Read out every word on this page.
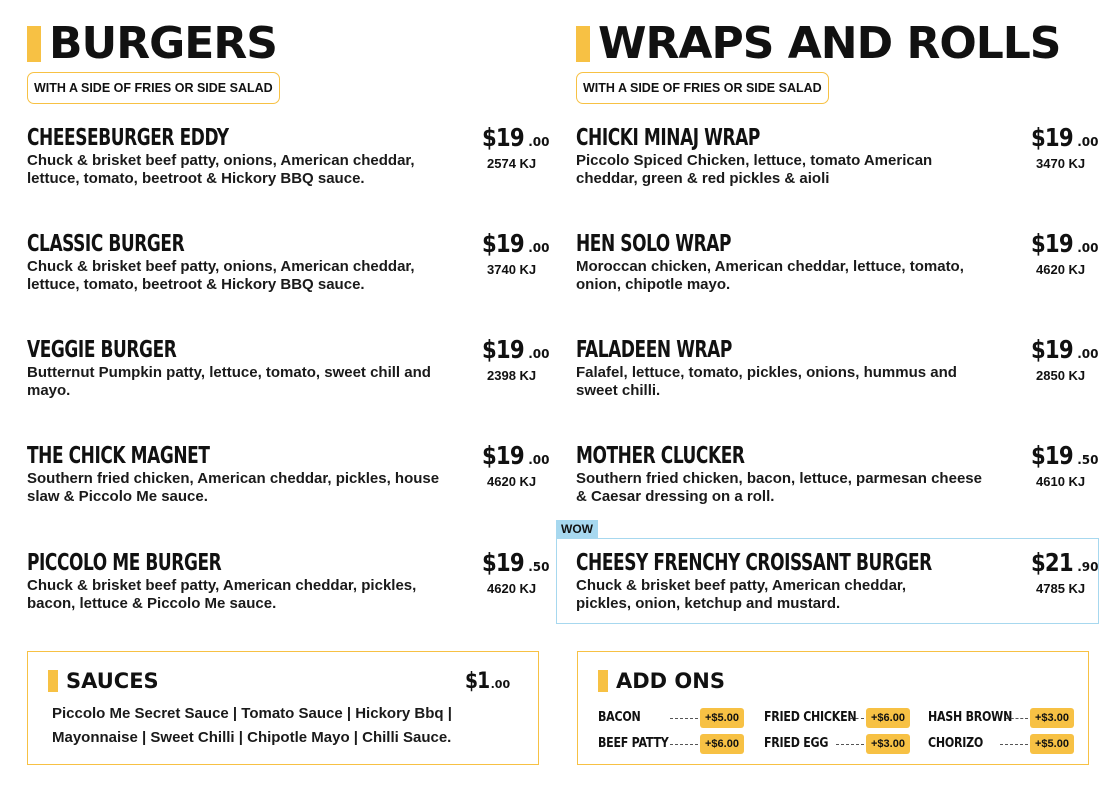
BURGERS
WITH A SIDE OF FRIES OR SIDE SALAD
CHEESEBURGER EDDY
Chuck & brisket beef patty, onions, American cheddar, lettuce, tomato, beetroot & Hickory BBQ sauce.
$19 .00
2574 KJ
CLASSIC BURGER
Chuck & brisket beef patty, onions, American cheddar, lettuce, tomato, beetroot & Hickory BBQ sauce.
$19 .00
3740 KJ
VEGGIE BURGER
Butternut Pumpkin patty, lettuce, tomato, sweet chill and mayo.
$19 .00
2398 KJ
THE CHICK MAGNET
Southern fried chicken, American cheddar, pickles, house slaw & Piccolo Me sauce.
$19 .00
4620 KJ
PICCOLO ME BURGER
Chuck & brisket beef patty, American cheddar, pickles, bacon, lettuce & Piccolo Me sauce.
$19 .50
4620 KJ
WRAPS AND ROLLS
WITH A SIDE OF FRIES OR SIDE SALAD
CHICKI MINAJ WRAP
Piccolo Spiced Chicken, lettuce, tomato American cheddar, green & red pickles & aioli
$19 .00
3470 KJ
HEN SOLO WRAP
Moroccan chicken, American cheddar, lettuce, tomato, onion, chipotle mayo.
$19 .00
4620 KJ
FALADEEN WRAP
Falafel, lettuce, tomato, pickles, onions, hummus and sweet chilli.
$19 .00
2850 KJ
MOTHER CLUCKER
Southern fried chicken, bacon, lettuce, parmesan cheese & Caesar dressing on a roll.
$19 .50
4610 KJ
WOW
CHEESY FRENCHY CROISSANT BURGER
Chuck & brisket beef patty, American cheddar, pickles, onion, ketchup and mustard.
$21 .90
4785 KJ
SAUCES	$1.00
Piccolo Me Secret Sauce | Tomato Sauce | Hickory Bbq | Mayonnaise | Sweet Chilli | Chipotle Mayo | Chilli Sauce.
ADD ONS
BACON	+$5.00
BEEF PATTY	+$6.00
FRIED CHICKEN	+$6.00
FRIED EGG	+$3.00
HASH BROWN	+$3.00
CHORIZO	+$5.00
